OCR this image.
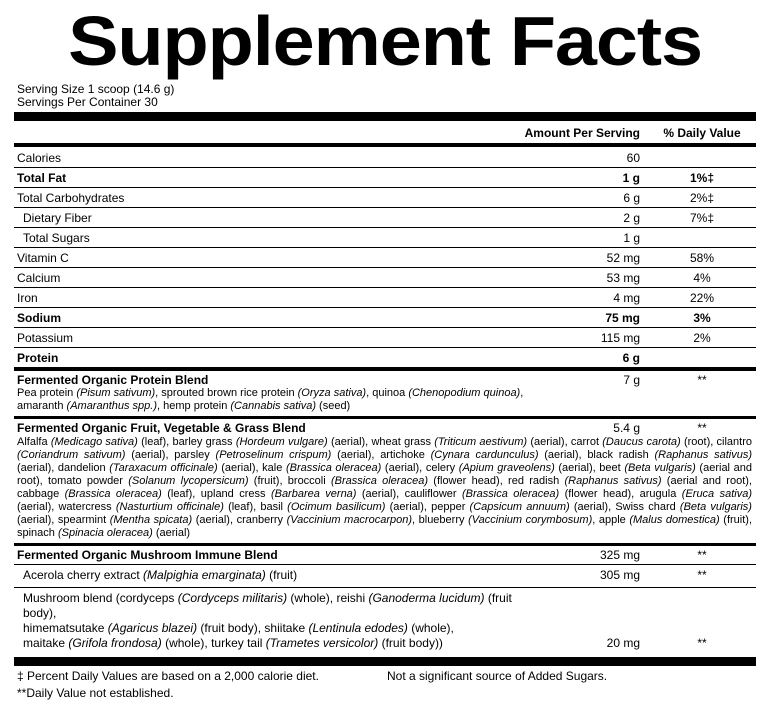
Supplement Facts
Serving Size 1 scoop (14.6 g)
Servings Per Container 30
Amount Per Serving	% Daily Value
Calories	60
Total Fat	1 g	1%‡
Total Carbohydrates	6 g	2%‡
Dietary Fiber	2 g	7%‡
Total Sugars	1 g
Vitamin C	52 mg	58%
Calcium	53 mg	4%
Iron	4 mg	22%
Sodium	75 mg	3%
Potassium	115 mg	2%
Protein	6 g
Fermented Organic Protein Blend	7 g	**
Pea protein (Pisum sativum), sprouted brown rice protein (Oryza sativa), quinoa (Chenopodium quinoa),
amaranth (Amaranthus spp.), hemp protein (Cannabis sativa) (seed)
Fermented Organic Fruit, Vegetable & Grass Blend	5.4 g	**
Alfalfa (Medicago sativa) (leaf), barley grass (Hordeum vulgare) (aerial), wheat grass (Triticum aestivum) (aerial), carrot (Daucus carota) (root), cilantro (Coriandrum sativum) (aerial), parsley (Petroselinum crispum) (aerial), artichoke (Cynara cardunculus) (aerial), black radish (Raphanus sativus) (aerial), dandelion (Taraxacum officinale) (aerial), kale (Brassica oleracea) (aerial), celery (Apium graveolens) (aerial), beet (Beta vulgaris) (aerial and root), tomato powder (Solanum lycopersicum) (fruit), broccoli (Brassica oleracea) (flower head), red radish (Raphanus sativus) (aerial and root), cabbage (Brassica oleracea) (leaf), upland cress (Barbarea verna) (aerial), cauliflower (Brassica oleracea) (flower head), arugula (Eruca sativa) (aerial), watercress (Nasturtium officinale) (leaf), basil (Ocimum basilicum) (aerial), pepper (Capsicum annuum) (aerial), Swiss chard (Beta vulgaris) (aerial), spearmint (Mentha spicata) (aerial), cranberry (Vaccinium macrocarpon), blueberry (Vaccinium corymbosum), apple (Malus domestica) (fruit), spinach (Spinacia oleracea) (aerial)
Fermented Organic Mushroom Immune Blend	325 mg	**
Acerola cherry extract (Malpighia emarginata) (fruit)	305 mg	**
Mushroom blend (cordyceps (Cordyceps militaris) (whole), reishi (Ganoderma lucidum) (fruit body),
himematsutake (Agaricus blazei) (fruit body), shiitake (Lentinula edodes) (whole),
maitake (Grifola frondosa) (whole), turkey tail (Trametes versicolor) (fruit body))	20 mg	**
‡ Percent Daily Values are based on a 2,000 calorie diet.	Not a significant source of Added Sugars.
**Daily Value not established.
